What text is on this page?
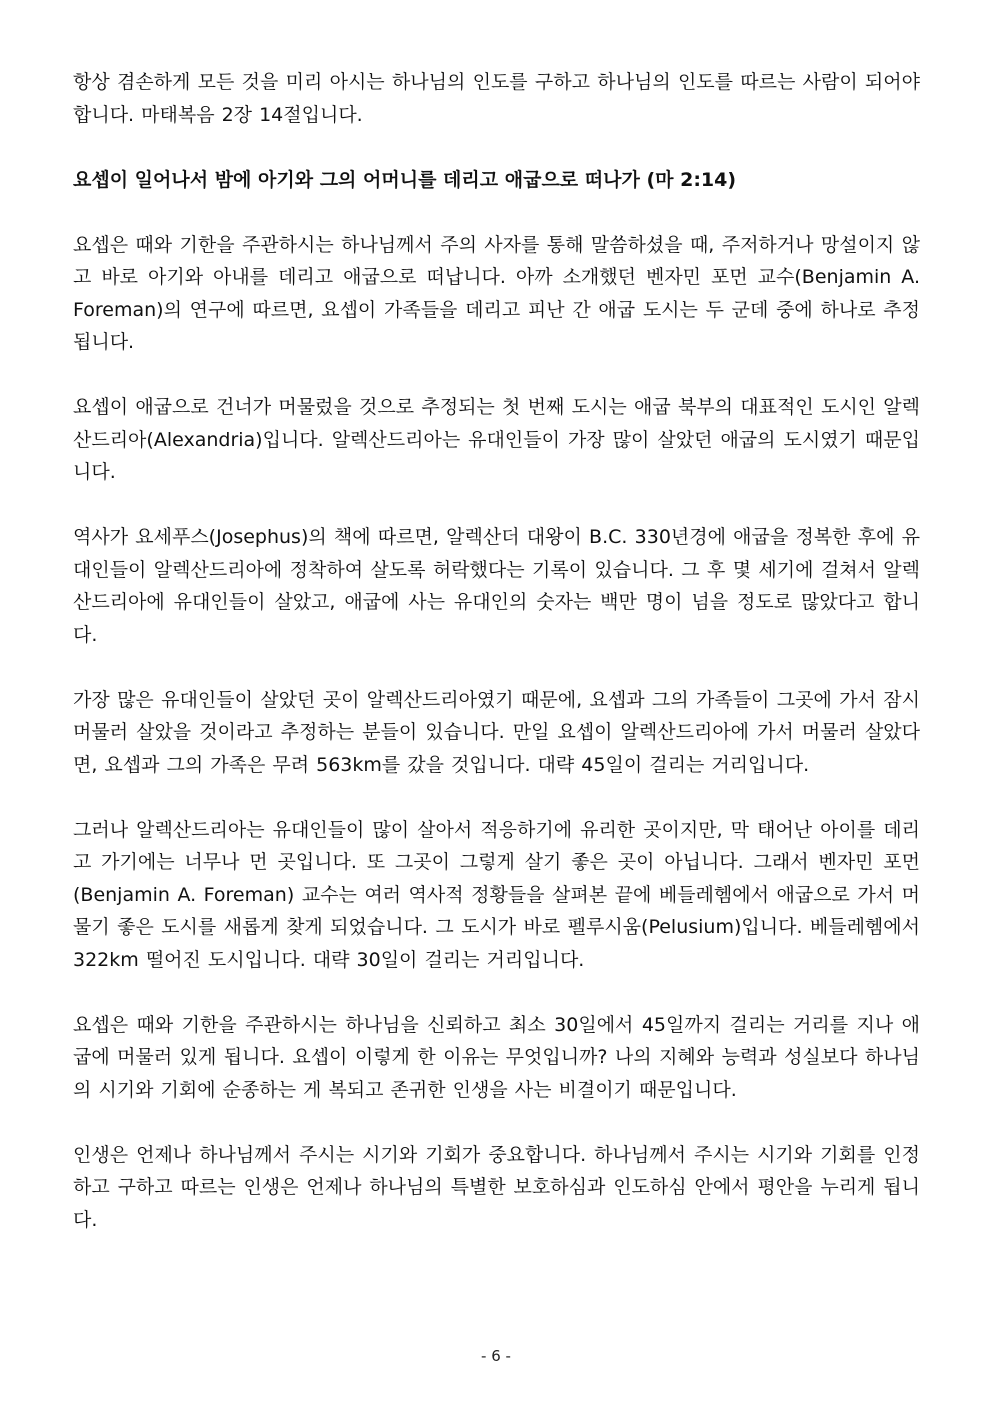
항상 겸손하게 모든 것을 미리 아시는 하나님의 인도를 구하고 하나님의 인도를 따르는 사람이 되어야 합니다. 마태복음 2장 14절입니다.

요셉이 일어나서 밤에 아기와 그의 어머니를 데리고 애굽으로 떠나가 (마 2:14)

요셉은 때와 기한을 주관하시는 하나님께서 주의 사자를 통해 말씀하셨을 때, 주저하거나 망설이지 않고 바로 아기와 아내를 데리고 애굽으로 떠납니다. 아까 소개했던 벤자민 포먼 교수(Benjamin A. Foreman)의 연구에 따르면, 요셉이 가족들을 데리고 피난 간 애굽 도시는 두 군데 중에 하나로 추정됩니다.

요셉이 애굽으로 건너가 머물렀을 것으로 추정되는 첫 번째 도시는 애굽 북부의 대표적인 도시인 알렉산드리아(Alexandria)입니다. 알렉산드리아는 유대인들이 가장 많이 살았던 애굽의 도시였기 때문입니다.

역사가 요세푸스(Josephus)의 책에 따르면, 알렉산더 대왕이 B.C. 330년경에 애굽을 정복한 후에 유대인들이 알렉산드리아에 정착하여 살도록 허락했다는 기록이 있습니다. 그 후 몇 세기에 걸쳐서 알렉산드리아에 유대인들이 살았고, 애굽에 사는 유대인의 숫자는 백만 명이 넘을 정도로 많았다고 합니다.

가장 많은 유대인들이 살았던 곳이 알렉산드리아였기 때문에, 요셉과 그의 가족들이 그곳에 가서 잠시 머물러 살았을 것이라고 추정하는 분들이 있습니다. 만일 요셉이 알렉산드리아에 가서 머물러 살았다면, 요셉과 그의 가족은 무려 563km를 갔을 것입니다. 대략 45일이 걸리는 거리입니다.

그러나 알렉산드리아는 유대인들이 많이 살아서 적응하기에 유리한 곳이지만, 막 태어난 아이를 데리고 가기에는 너무나 먼 곳입니다. 또 그곳이 그렇게 살기 좋은 곳이 아닙니다. 그래서 벤자민 포먼(Benjamin A. Foreman) 교수는 여러 역사적 정황들을 살펴본 끝에 베들레헴에서 애굽으로 가서 머물기 좋은 도시를 새롭게 찾게 되었습니다. 그 도시가 바로 펠루시움(Pelusium)입니다. 베들레헴에서 322km 떨어진 도시입니다. 대략 30일이 걸리는 거리입니다.

요셉은 때와 기한을 주관하시는 하나님을 신뢰하고 최소 30일에서 45일까지 걸리는 거리를 지나 애굽에 머물러 있게 됩니다. 요셉이 이렇게 한 이유는 무엇입니까? 나의 지혜와 능력과 성실보다 하나님의 시기와 기회에 순종하는 게 복되고 존귀한 인생을 사는 비결이기 때문입니다.

인생은 언제나 하나님께서 주시는 시기와 기회가 중요합니다. 하나님께서 주시는 시기와 기회를 인정하고 구하고 따르는 인생은 언제나 하나님의 특별한 보호하심과 인도하심 안에서 평안을 누리게 됩니다.

- 6 -
